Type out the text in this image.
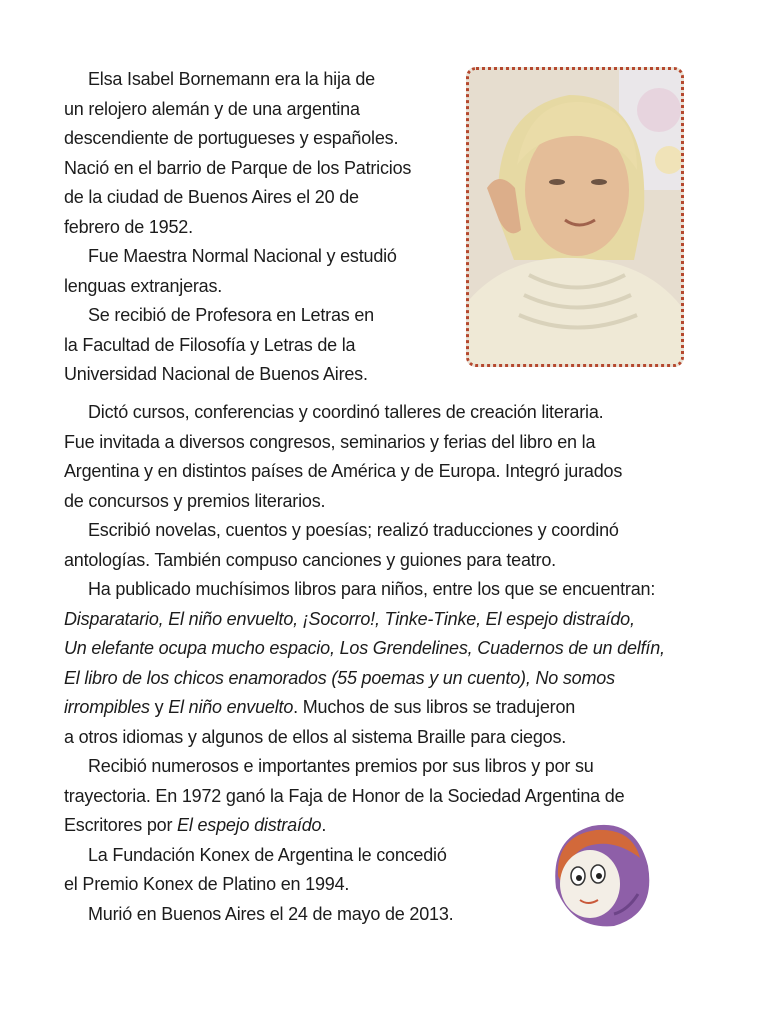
Elsa Isabel Bornemann era la hija de
un relojero alemán y de una argentina
descendiente de portugueses y españoles.
Nació en el barrio de Parque de los Patricios
de la ciudad de Buenos Aires el 20 de
febrero de 1952.
Fue Maestra Normal Nacional y estudió
lenguas extranjeras.
Se recibió de Profesora en Letras en
la Facultad de Filosofía y Letras de la
Universidad Nacional de Buenos Aires.
Dictó cursos, conferencias y coordinó talleres de creación literaria.
Fue invitada a diversos congresos, seminarios y ferias del libro en la
Argentina y en distintos países de América y de Europa. Integró jurados
de concursos y premios literarios.
Escribió novelas, cuentos y poesías; realizó traducciones y coordinó
antologías. También compuso canciones y guiones para teatro.
Ha publicado muchísimos libros para niños, entre los que se encuentran:
Disparatario, El niño envuelto, ¡Socorro!, Tinke-Tinke, El espejo distraído,
Un elefante ocupa mucho espacio, Los Grendelines, Cuadernos de un delfín,
El libro de los chicos enamorados (55 poemas y un cuento), No somos
irrompibles y El niño envuelto. Muchos de sus libros se tradujeron
a otros idiomas y algunos de ellos al sistema Braille para ciegos.
Recibió numerosos e importantes premios por sus libros y por su
trayectoria. En 1972 ganó la Faja de Honor de la Sociedad Argentina de
Escritores por El espejo distraído.
La Fundación Konex de Argentina le concedió
el Premio Konex de Platino en 1994.
Murió en Buenos Aires el 24 de mayo de 2013.
